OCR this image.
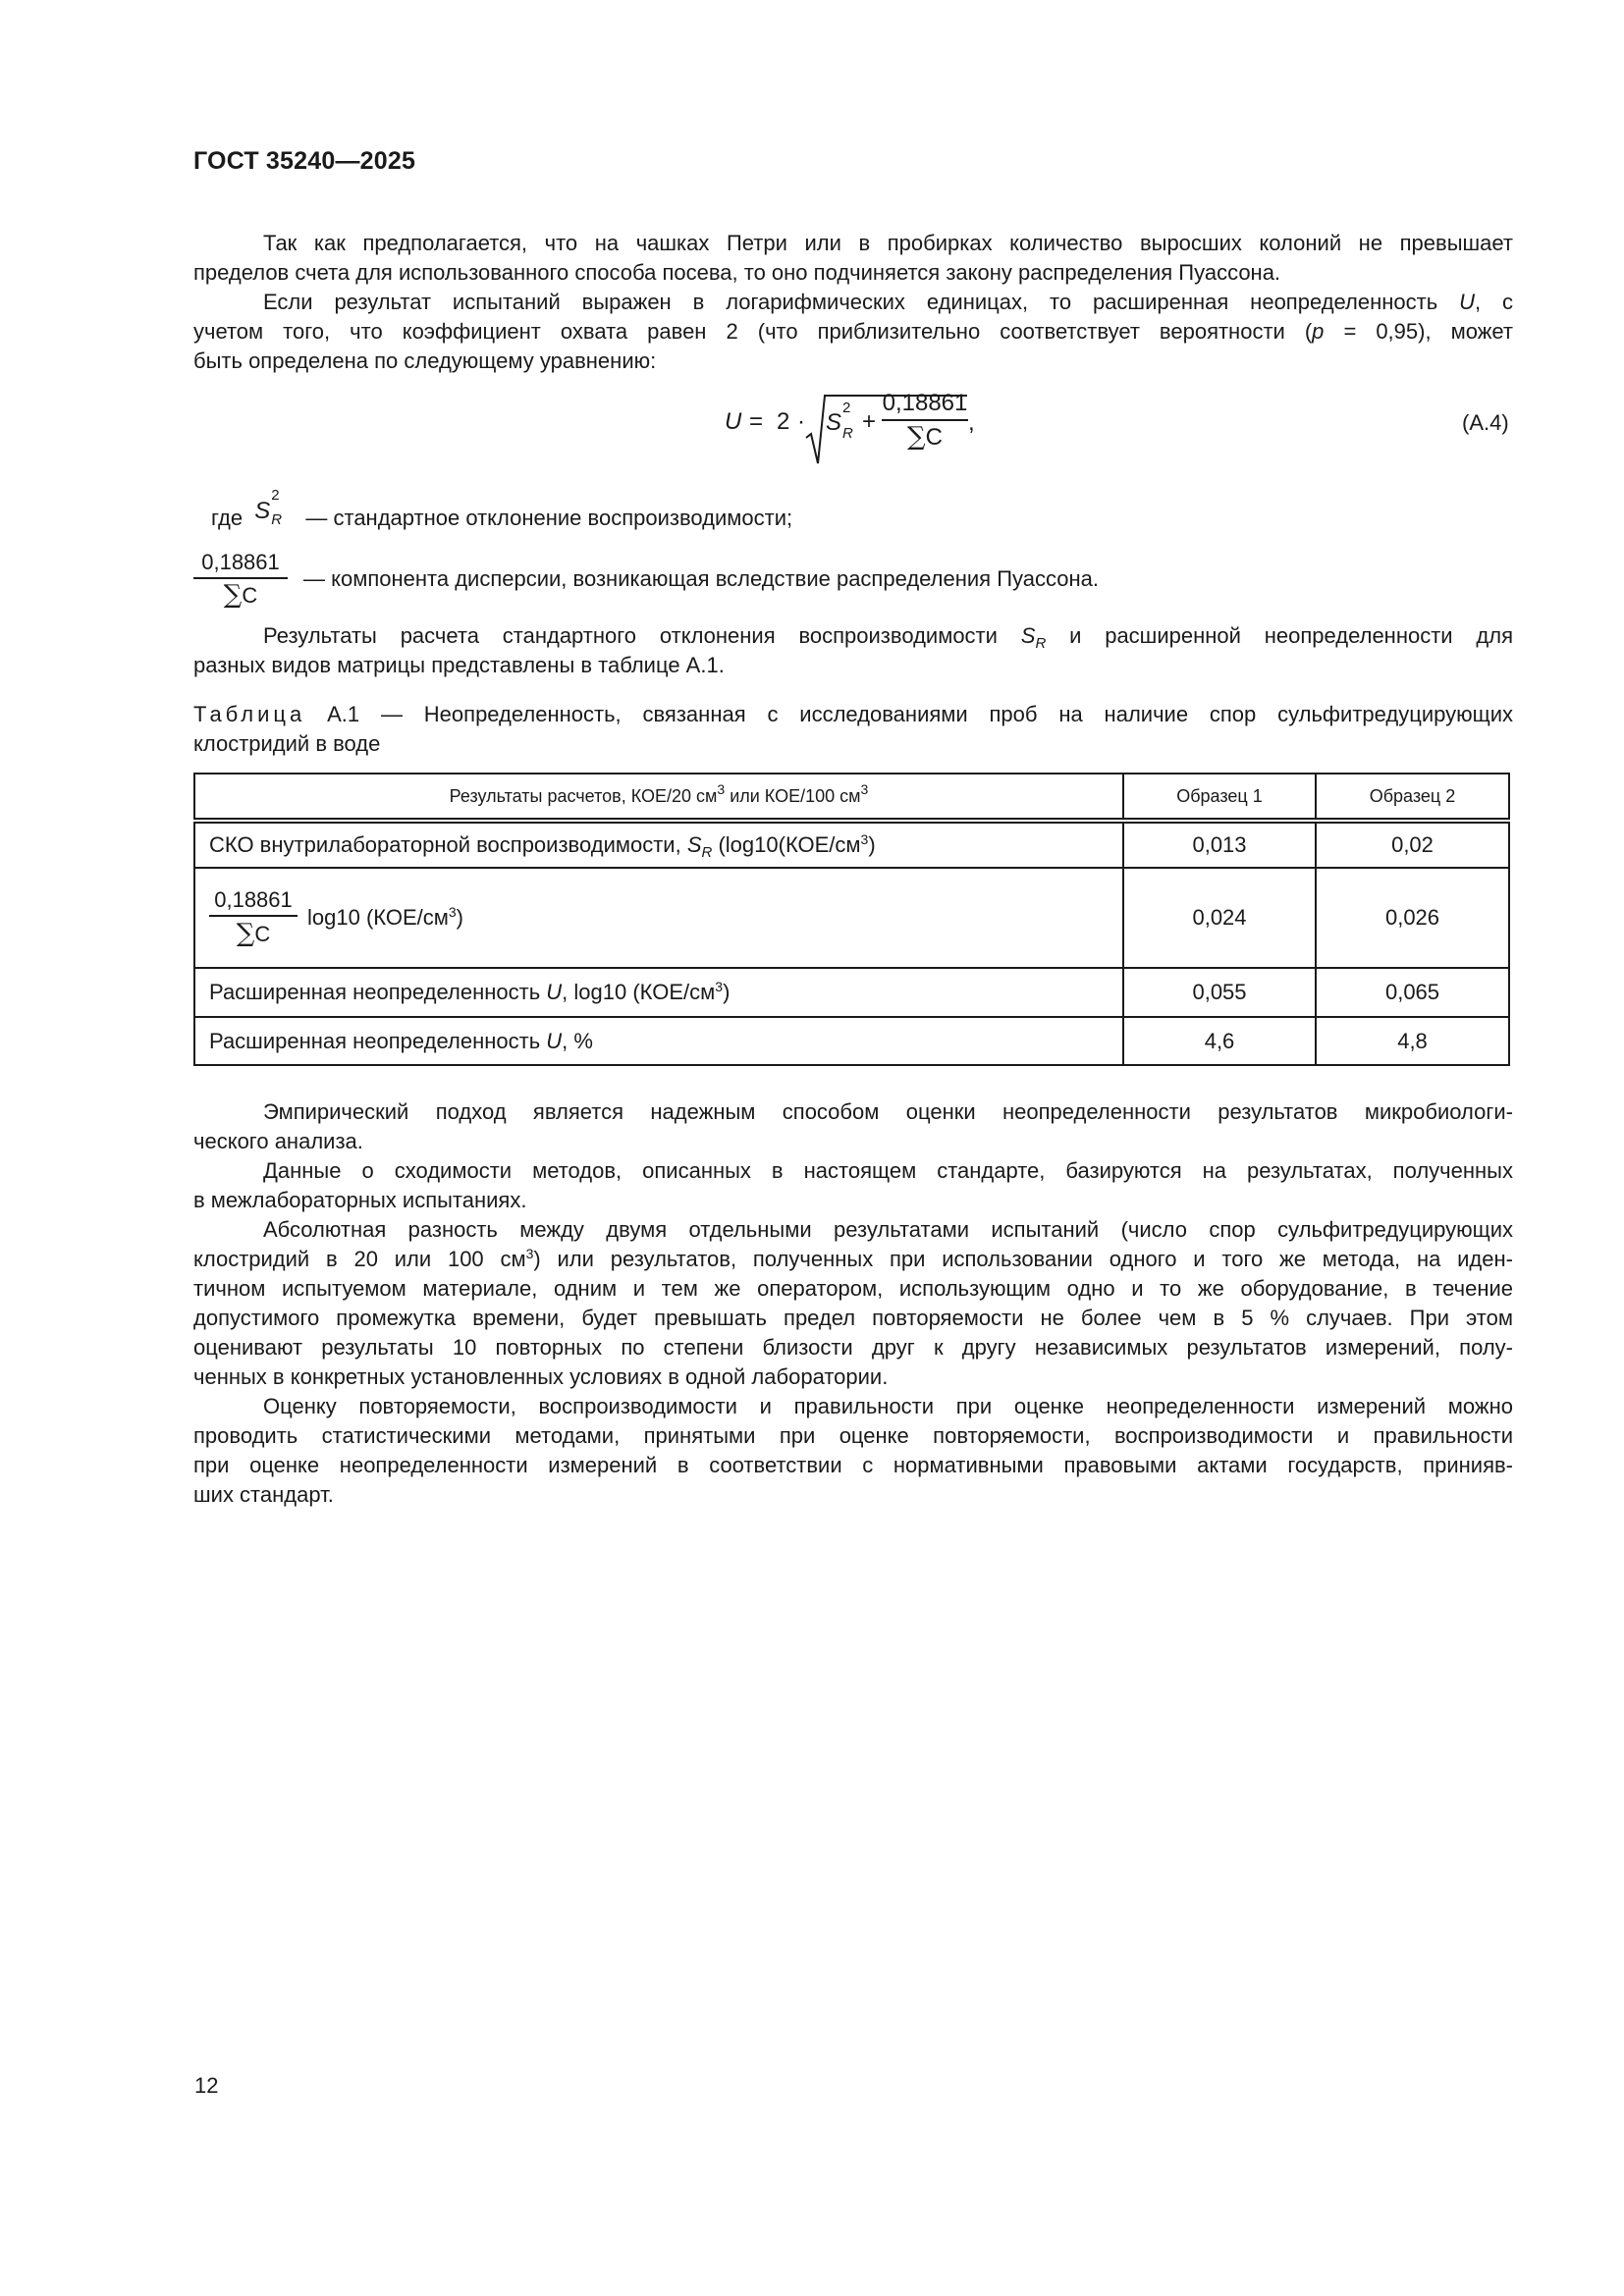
ГОСТ 35240—2025
Так как предполагается, что на чашках Петри или в пробирках количество выросших колоний не превышает
пределов счета для использованного способа посева, то оно подчиняется закону распределения Пуассона.
Если результат испытаний выражен в логарифмических единицах, то расширенная неопределенность U, с
учетом того, что коэффициент охвата равен 2 (что приблизительно соответствует вероятности (p = 0,95), может
быть определена по следующему уравнению:
U = 2 · S
2
R +
0,18861
∑C
,	(А.4)
где S
2
R — стандартное отклонение воспроизводимости;
0,18861
∑C
— компонента дисперсии, возникающая вследствие распределения Пуассона.
Результаты расчета стандартного отклонения воспроизводимости $S_R$ и расширенной неопределенности для
разных видов матрицы представлены в таблице А.1.
Таблица А.1 — Неопределенность, связанная с исследованиями проб на наличие спор сульфитредуцирующих
клостридий в воде
Результаты расчетов, КОЕ/20 $см^3$ или КОЕ/100 $см^3$	Образец 1	Образец 2
СКО внутрилабораторной воспроизводимости, $S_R$ ($\log 10(КОЕ/см^3)$	0,013	0,02

$\frac{0,18861}{\sum C} \log 10$ $(КОЕ/см^3)$	0,024	0,026
Расширенная неопределенность U, log10 $(КОЕ/см^3)$	0,055	0,065
Расширенная неопределенность U, %	4,6	4,8
Эмпирический подход является надежным способом оценки неопределенности результатов микробиологи-
ческого анализа.
Данные о сходимости методов, описанных в настоящем стандарте, базируются на результатах, полученных
в межлабораторных испытаниях.
Абсолютная разность между двумя отдельными результатами испытаний (число спор сульфитредуцирующих
клостридий в 20 или 100 $см^3$) или результатов, полученных при использовании одного и того же метода, на иден-
тичном испытуемом материале, одним и тем же оператором, использующим одно и то же оборудование, в течение
допустимого промежутка времени, будет превышать предел повторяемости не более чем в 5 % случаев. При этом
оценивают результаты 10 повторных по степени близости друг к другу независимых результатов измерений, полу-
ченных в конкретных установленных условиях в одной лаборатории.
Оценку повторяемости, воспроизводимости и правильности при оценке неопределенности измерений можно
проводить статистическими методами, принятыми при оценке повторяемости, воспроизводимости и правильности
при оценке неопределенности измерений в соответствии с нормативными правовыми актами государств, принияв-
ших стандарт.
12
